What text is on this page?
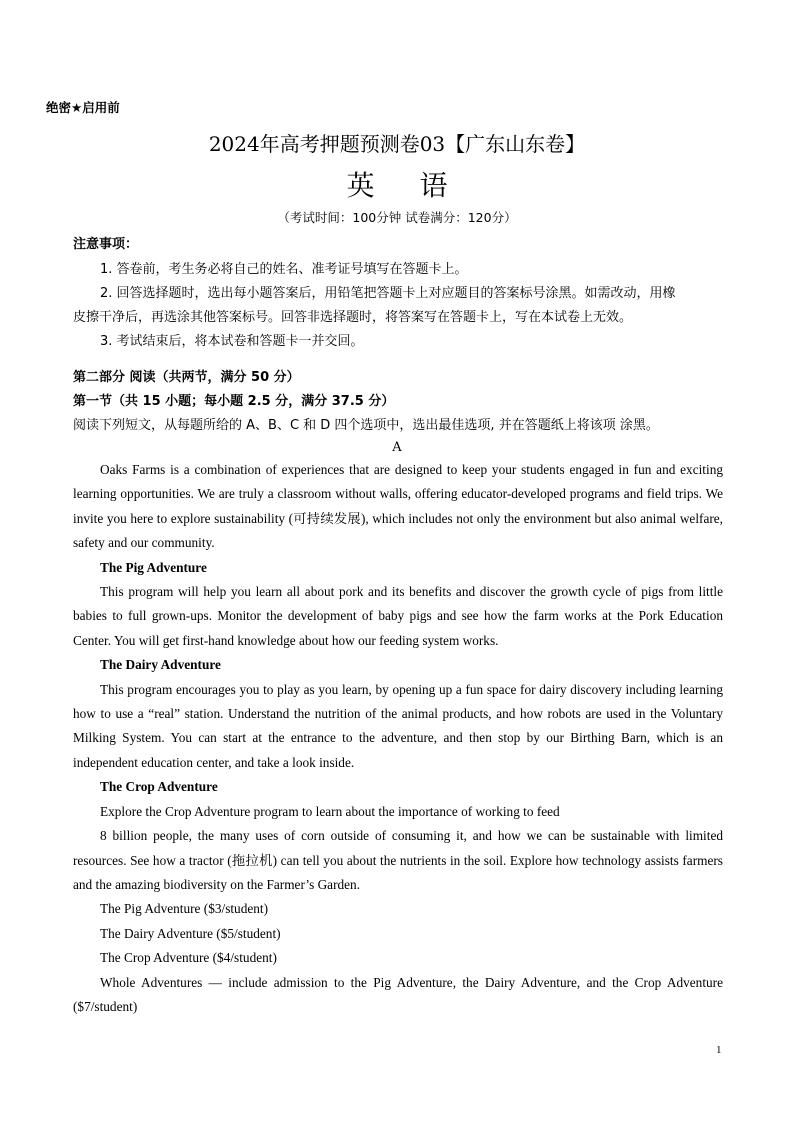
绝密★启用前
2024年高考押题预测卷03【广东山东卷】
英 语
（考试时间：100分钟 试卷满分：120分）
注意事项：
1. 答卷前，考生务必将自己的姓名、准考证号填写在答题卡上。
2. 回答选择题时，选出每小题答案后，用铅笔把答题卡上对应题目的答案标号涂黑。如需改动，用橡
皮擦干净后，再选涂其他答案标号。回答非选择题时，将答案写在答题卡上，写在本试卷上无效。
3. 考试结束后，将本试卷和答题卡一并交回。
第二部分 阅读（共两节，满分 50 分）
第一节（共 15 小题；每小题 2.5 分，满分 37.5 分）
阅读下列短文，从每题所给的 A、B、C 和 D 四个选项中，选出最佳选项, 并在答题纸上将该项 涂黑。
A

Oaks Farms is a combination of experiences that are designed to keep your students engaged in fun and exciting learning opportunities. We are truly a classroom without walls, offering educator-developed programs and field trips. We invite you here to explore sustainability (可持续发展), which includes not only the environment but also animal welfare, safety and our community.

The Pig Adventure

This program will help you learn all about pork and its benefits and discover the growth cycle of pigs from little babies to full grown-ups. Monitor the development of baby pigs and see how the farm works at the Pork Education Center. You will get first-hand knowledge about how our feeding system works.

The Dairy Adventure

This program encourages you to play as you learn, by opening up a fun space for dairy discovery including learning how to use a “real” station. Understand the nutrition of the animal products, and how robots are used in the Voluntary Milking System. You can start at the entrance to the adventure, and then stop by our Birthing Barn, which is an independent education center, and take a look inside.

The Crop Adventure

Explore the Crop Adventure program to learn about the importance of working to feed

8 billion people, the many uses of corn outside of consuming it, and how we can be sustainable with limited resources. See how a tractor (拖拉机) can tell you about the nutrients in the soil. Explore how technology assists farmers and the amazing biodiversity on the Farmer’s Garden.

The Pig Adventure ($3/student)

The Dairy Adventure ($5/student)

The Crop Adventure ($4/student)

Whole Adventures — include admission to the Pig Adventure, the Dairy Adventure, and the Crop Adventure ($7/student)

1
